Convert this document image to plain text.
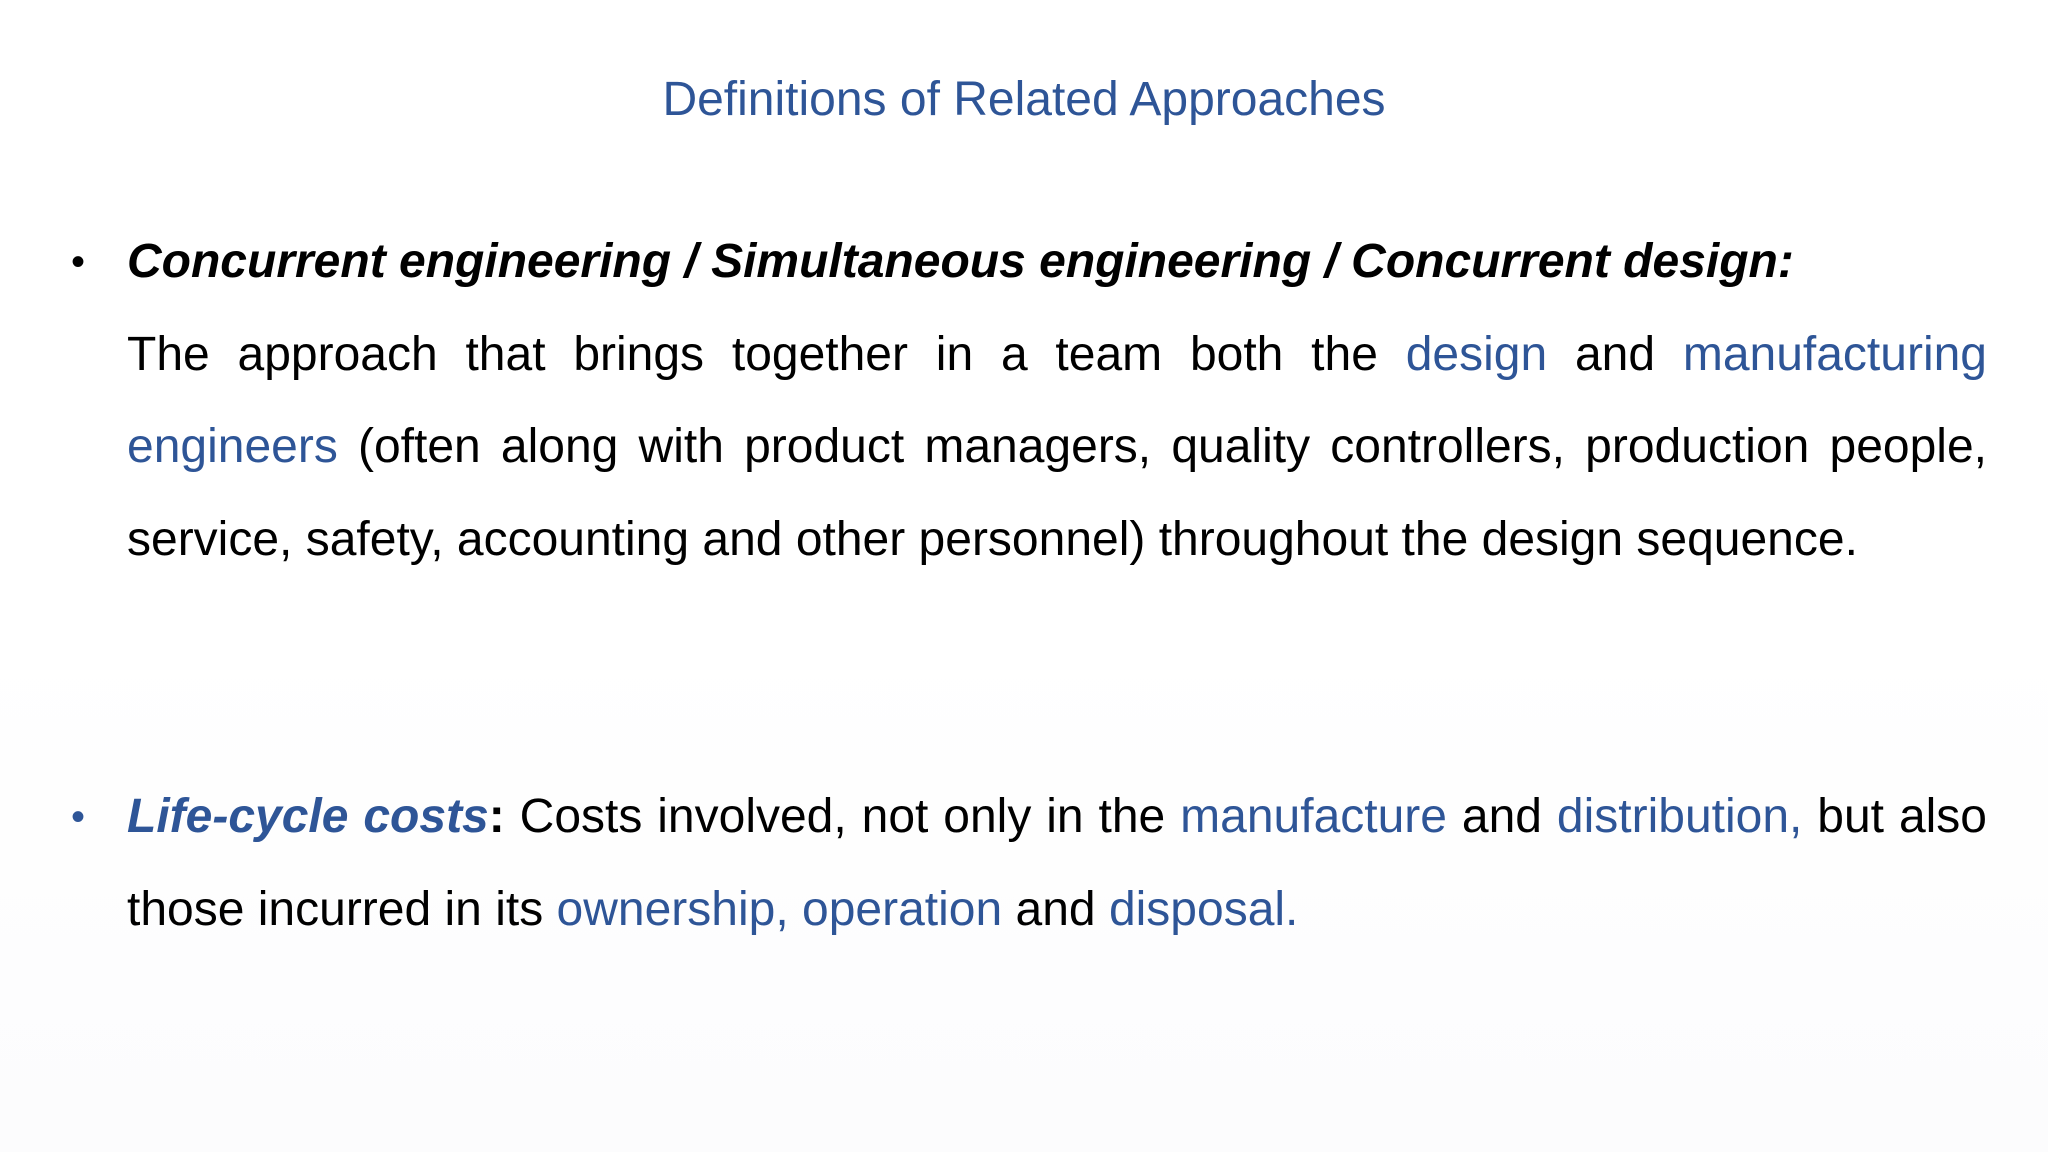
Definitions of Related Approaches
• Concurrent engineering / Simultaneous engineering / Concurrent design:
The approach that brings together in a team both the design and manufacturing engineers (often along with product managers, quality controllers, production people, service, safety, accounting and other personnel) throughout the design sequence.
• Life-cycle costs: Costs involved, not only in the manufacture and distribution, but also those incurred in its ownership, operation and disposal.
